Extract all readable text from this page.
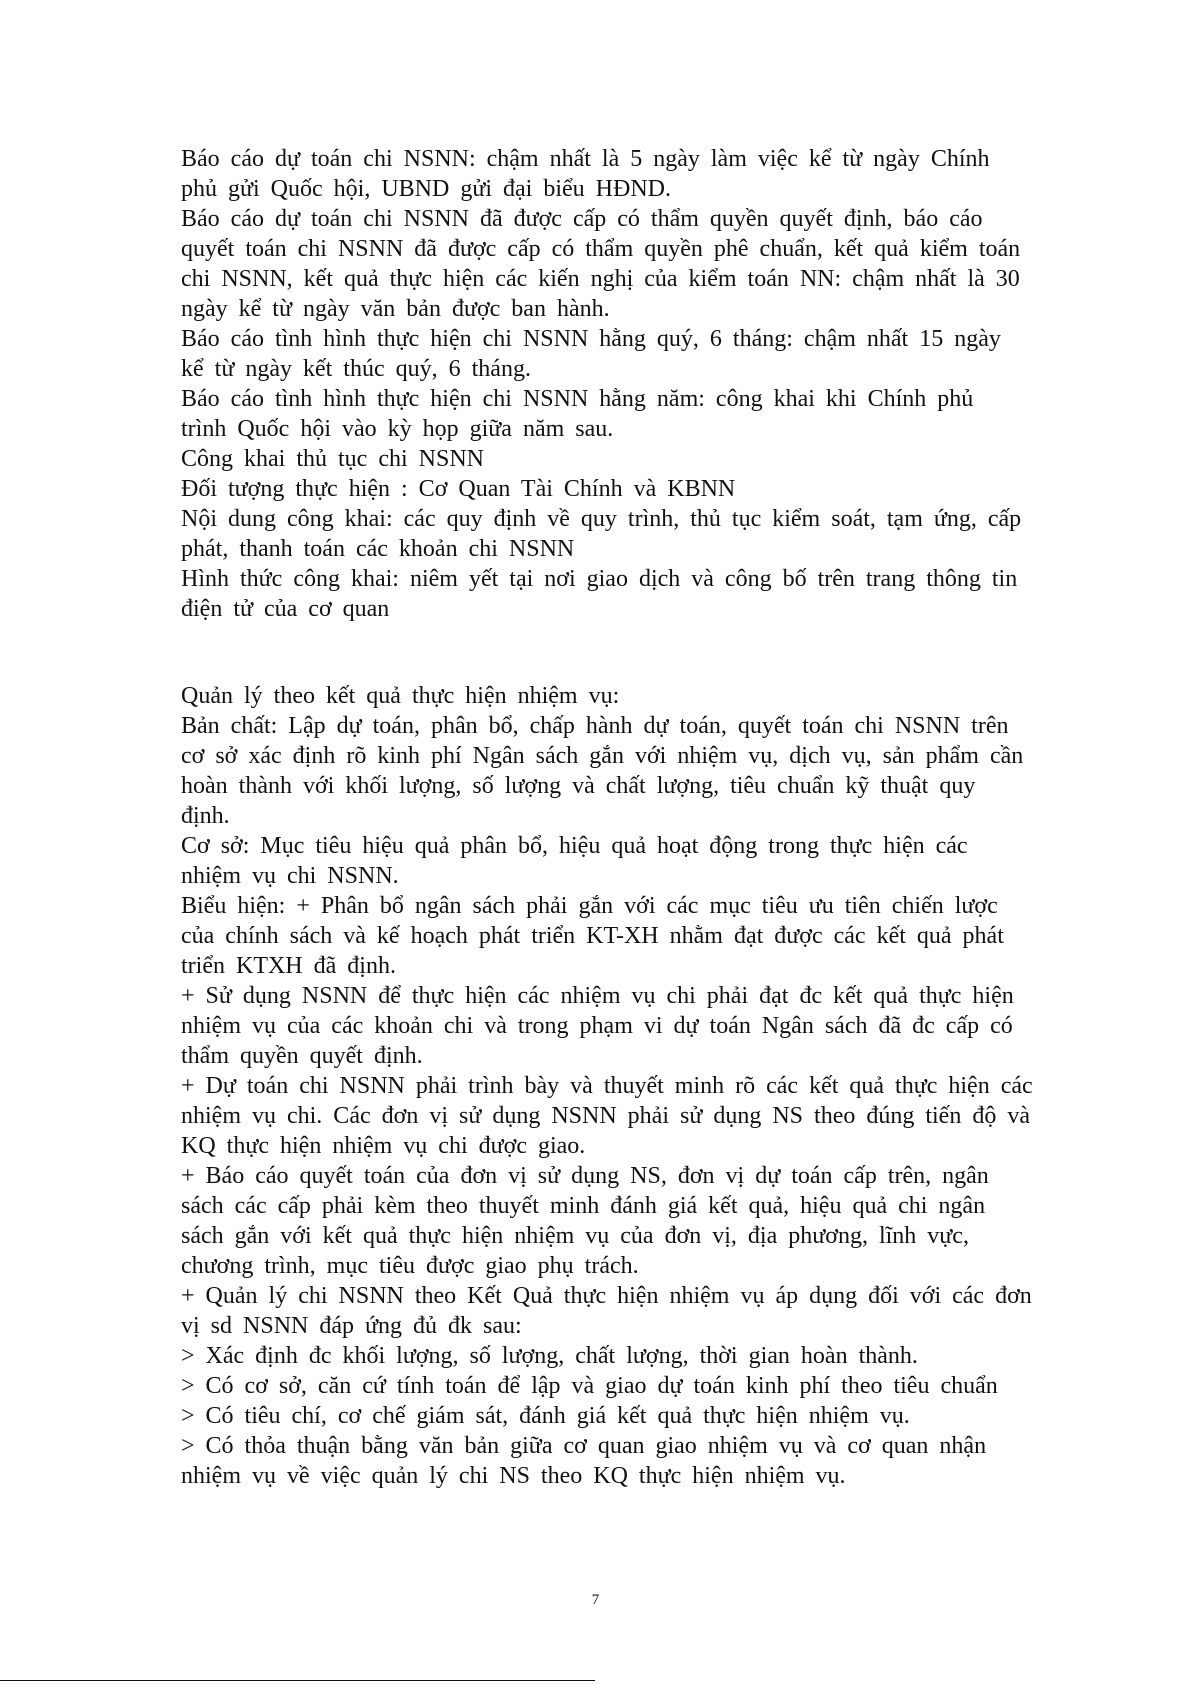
Báo cáo dự toán chi NSNN: chậm nhất là 5 ngày làm việc kể từ ngày Chính
phủ gửi Quốc hội, UBND gửi đại biểu HĐND.
Báo cáo dự toán chi NSNN đã được cấp có thẩm quyền quyết định, báo cáo
quyết toán chi NSNN đã được cấp có thẩm quyền phê chuẩn, kết quả kiểm toán
chi NSNN, kết quả thực hiện các kiến nghị của kiểm toán NN: chậm nhất là 30
ngày kể từ ngày văn bản được ban hành.
Báo cáo tình hình thực hiện chi NSNN hằng quý, 6 tháng: chậm nhất 15 ngày
kể từ ngày kết thúc quý, 6 tháng.
Báo cáo tình hình thực hiện chi NSNN hằng năm: công khai khi Chính phủ
trình Quốc hội vào kỳ họp giữa năm sau.
Công khai thủ tục chi NSNN
Đối tượng thực hiện : Cơ Quan Tài Chính và KBNN
Nội dung công khai: các quy định về quy trình, thủ tục kiểm soát, tạm ứng, cấp
phát, thanh toán các khoản chi NSNN
Hình thức công khai: niêm yết tại nơi giao dịch và công bố trên trang thông tin
điện tử của cơ quan
Quản lý theo kết quả thực hiện nhiệm vụ:
Bản chất: Lập dự toán, phân bổ, chấp hành dự toán, quyết toán chi NSNN trên
cơ sở xác định rõ kinh phí Ngân sách gắn với nhiệm vụ, dịch vụ, sản phẩm cần
hoàn thành với khối lượng, số lượng và chất lượng, tiêu chuẩn kỹ thuật quy
định.
Cơ sở: Mục tiêu hiệu quả phân bổ, hiệu quả hoạt động trong thực hiện các
nhiệm vụ chi NSNN.
Biểu hiện: + Phân bổ ngân sách phải gắn với các mục tiêu ưu tiên chiến lược
của chính sách và kế hoạch phát triển KT-XH nhằm đạt được các kết quả phát
triển KTXH đã định.
+ Sử dụng NSNN để thực hiện các nhiệm vụ chi phải đạt đc kết quả thực hiện
nhiệm vụ của các khoản chi và trong phạm vi dự toán Ngân sách đã đc cấp có
thẩm quyền quyết định.
+ Dự toán chi NSNN phải trình bày và thuyết minh rõ các kết quả thực hiện các
nhiệm vụ chi. Các đơn vị sử dụng NSNN phải sử dụng NS theo đúng tiến độ và
KQ thực hiện nhiệm vụ chi được giao.
+ Báo cáo quyết toán của đơn vị sử dụng NS, đơn vị dự toán cấp trên, ngân
sách các cấp phải kèm theo thuyết minh đánh giá kết quả, hiệu quả chi ngân
sách gắn với kết quả thực hiện nhiệm vụ của đơn vị, địa phương, lĩnh vực,
chương trình, mục tiêu được giao phụ trách.
+ Quản lý chi NSNN theo Kết Quả thực hiện nhiệm vụ áp dụng đối với các đơn
vị sd NSNN đáp ứng đủ đk sau:
> Xác định đc khối lượng, số lượng, chất lượng, thời gian hoàn thành.
> Có cơ sở, căn cứ tính toán để lập và giao dự toán kinh phí theo tiêu chuẩn
> Có tiêu chí, cơ chế giám sát, đánh giá kết quả thực hiện nhiệm vụ.
> Có thỏa thuận bằng văn bản giữa cơ quan giao nhiệm vụ và cơ quan nhận
nhiệm vụ về việc quản lý chi NS theo KQ thực hiện nhiệm vụ.
7
